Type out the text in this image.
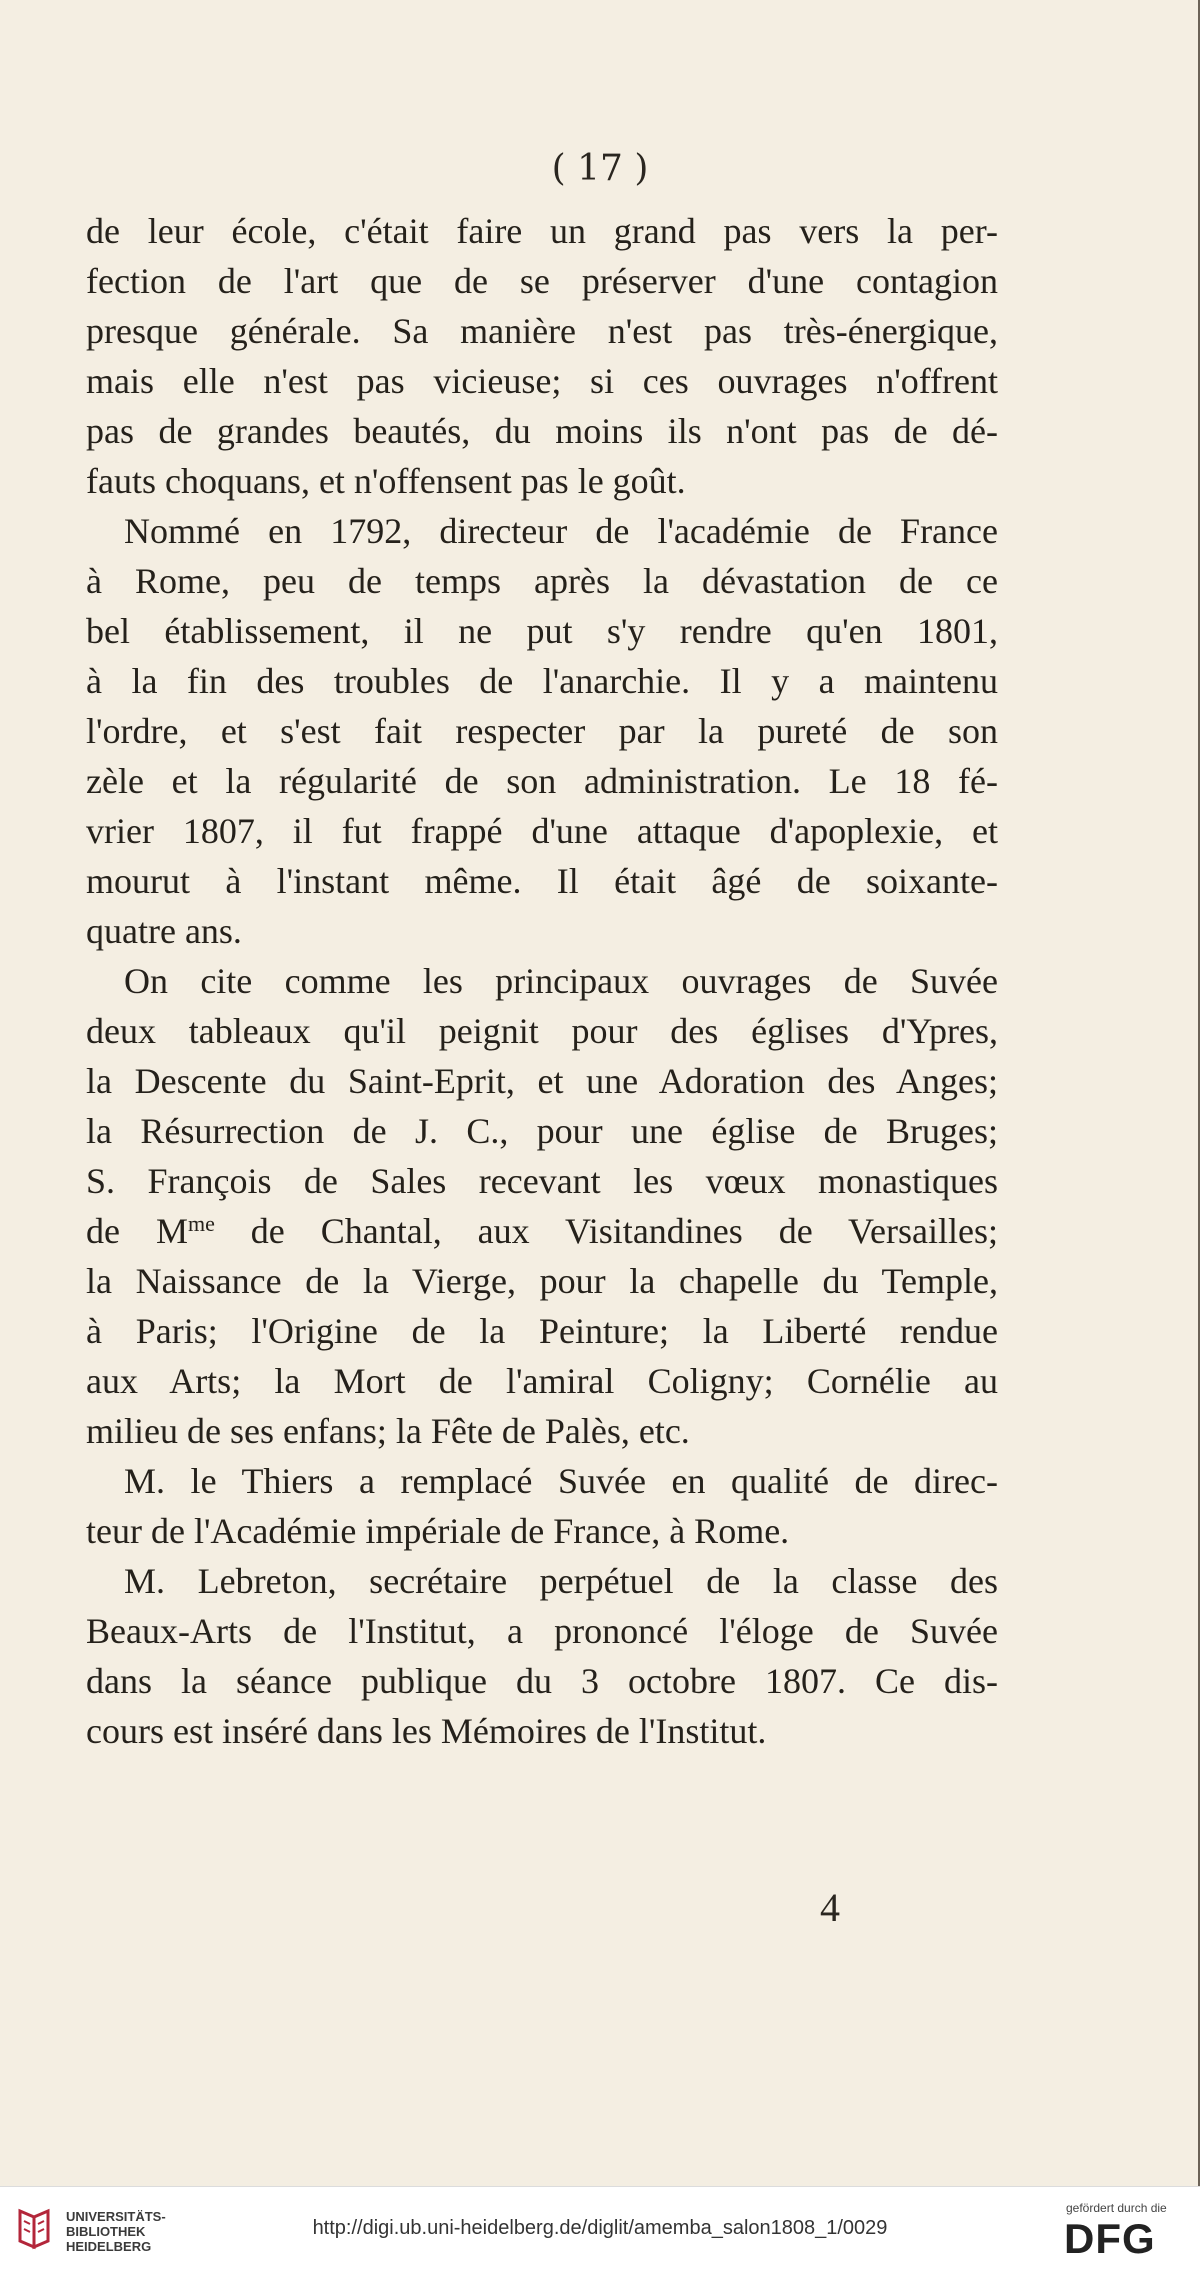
( 17 )

de leur école, c'était faire un grand pas vers la per-
fection de l'art que de se préserver d'une contagion
presque générale. Sa manière n'est pas très-énergique,
mais elle n'est pas vicieuse; si ces ouvrages n'offrent
pas de grandes beautés, du moins ils n'ont pas de dé-
fauts choquans, et n'offensent pas le goût.

Nommé en 1792, directeur de l'académie de France
à Rome, peu de temps après la dévastation de ce
bel établissement, il ne put s'y rendre qu'en 1801,
à la fin des troubles de l'anarchie. Il y a maintenu
l'ordre, et s'est fait respecter par la pureté de son
zèle et la régularité de son administration. Le 18 fé-
vrier 1807, il fut frappé d'une attaque d'apoplexie, et
mourut à l'instant même. Il était âgé de soixante-
quatre ans.

On cite comme les principaux ouvrages de Suvée
deux tableaux qu'il peignit pour des églises d'Ypres,
la Descente du Saint-Eprit, et une Adoration des Anges;
la Résurrection de J. C., pour une église de Bruges;
S. François de Sales recevant les vœux monastiques
de $M^{me}$ de Chantal, aux Visitandines de Versailles;
la Naissance de la Vierge, pour la chapelle du Temple,
à Paris; l'Origine de la Peinture; la Liberté rendue
aux Arts; la Mort de l'amiral Coligny; Cornélie au
milieu de ses enfans; la Fête de Palès, etc.

M. le Thiers a remplacé Suvée en qualité de direc-
teur de l'Académie impériale de France, à Rome.

M. Lebreton, secrétaire perpétuel de la classe des
Beaux-Arts de l'Institut, a prononcé l'éloge de Suvée
dans la séance publique du 3 octobre 1807. Ce dis-
cours est inséré dans les Mémoires de l'Institut.

4
UNIVERSITÄTS-
BIBLIOTHEK
HEIDELBERG
http://digi.ub.uni-heidelberg.de/diglit/amemba_salon1808_1/0029
gefördert durch die
DFG
